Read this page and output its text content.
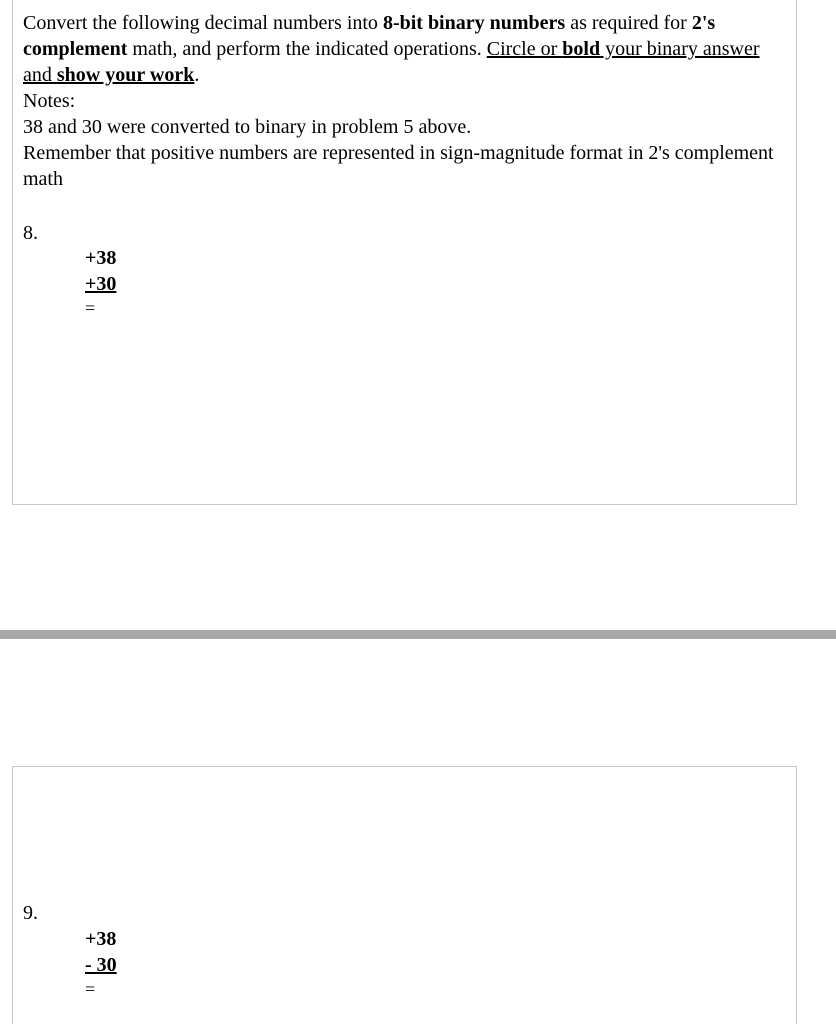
Convert the following decimal numbers into 8-bit binary numbers as required for 2's complement math, and perform the indicated operations. Circle or bold your binary answer and show your work.
Notes:
38 and 30 were converted to binary in problem 5 above.
Remember that positive numbers are represented in sign-magnitude format in 2's complement math
8.
+38
+30
=
9.
+38
- 30
=
